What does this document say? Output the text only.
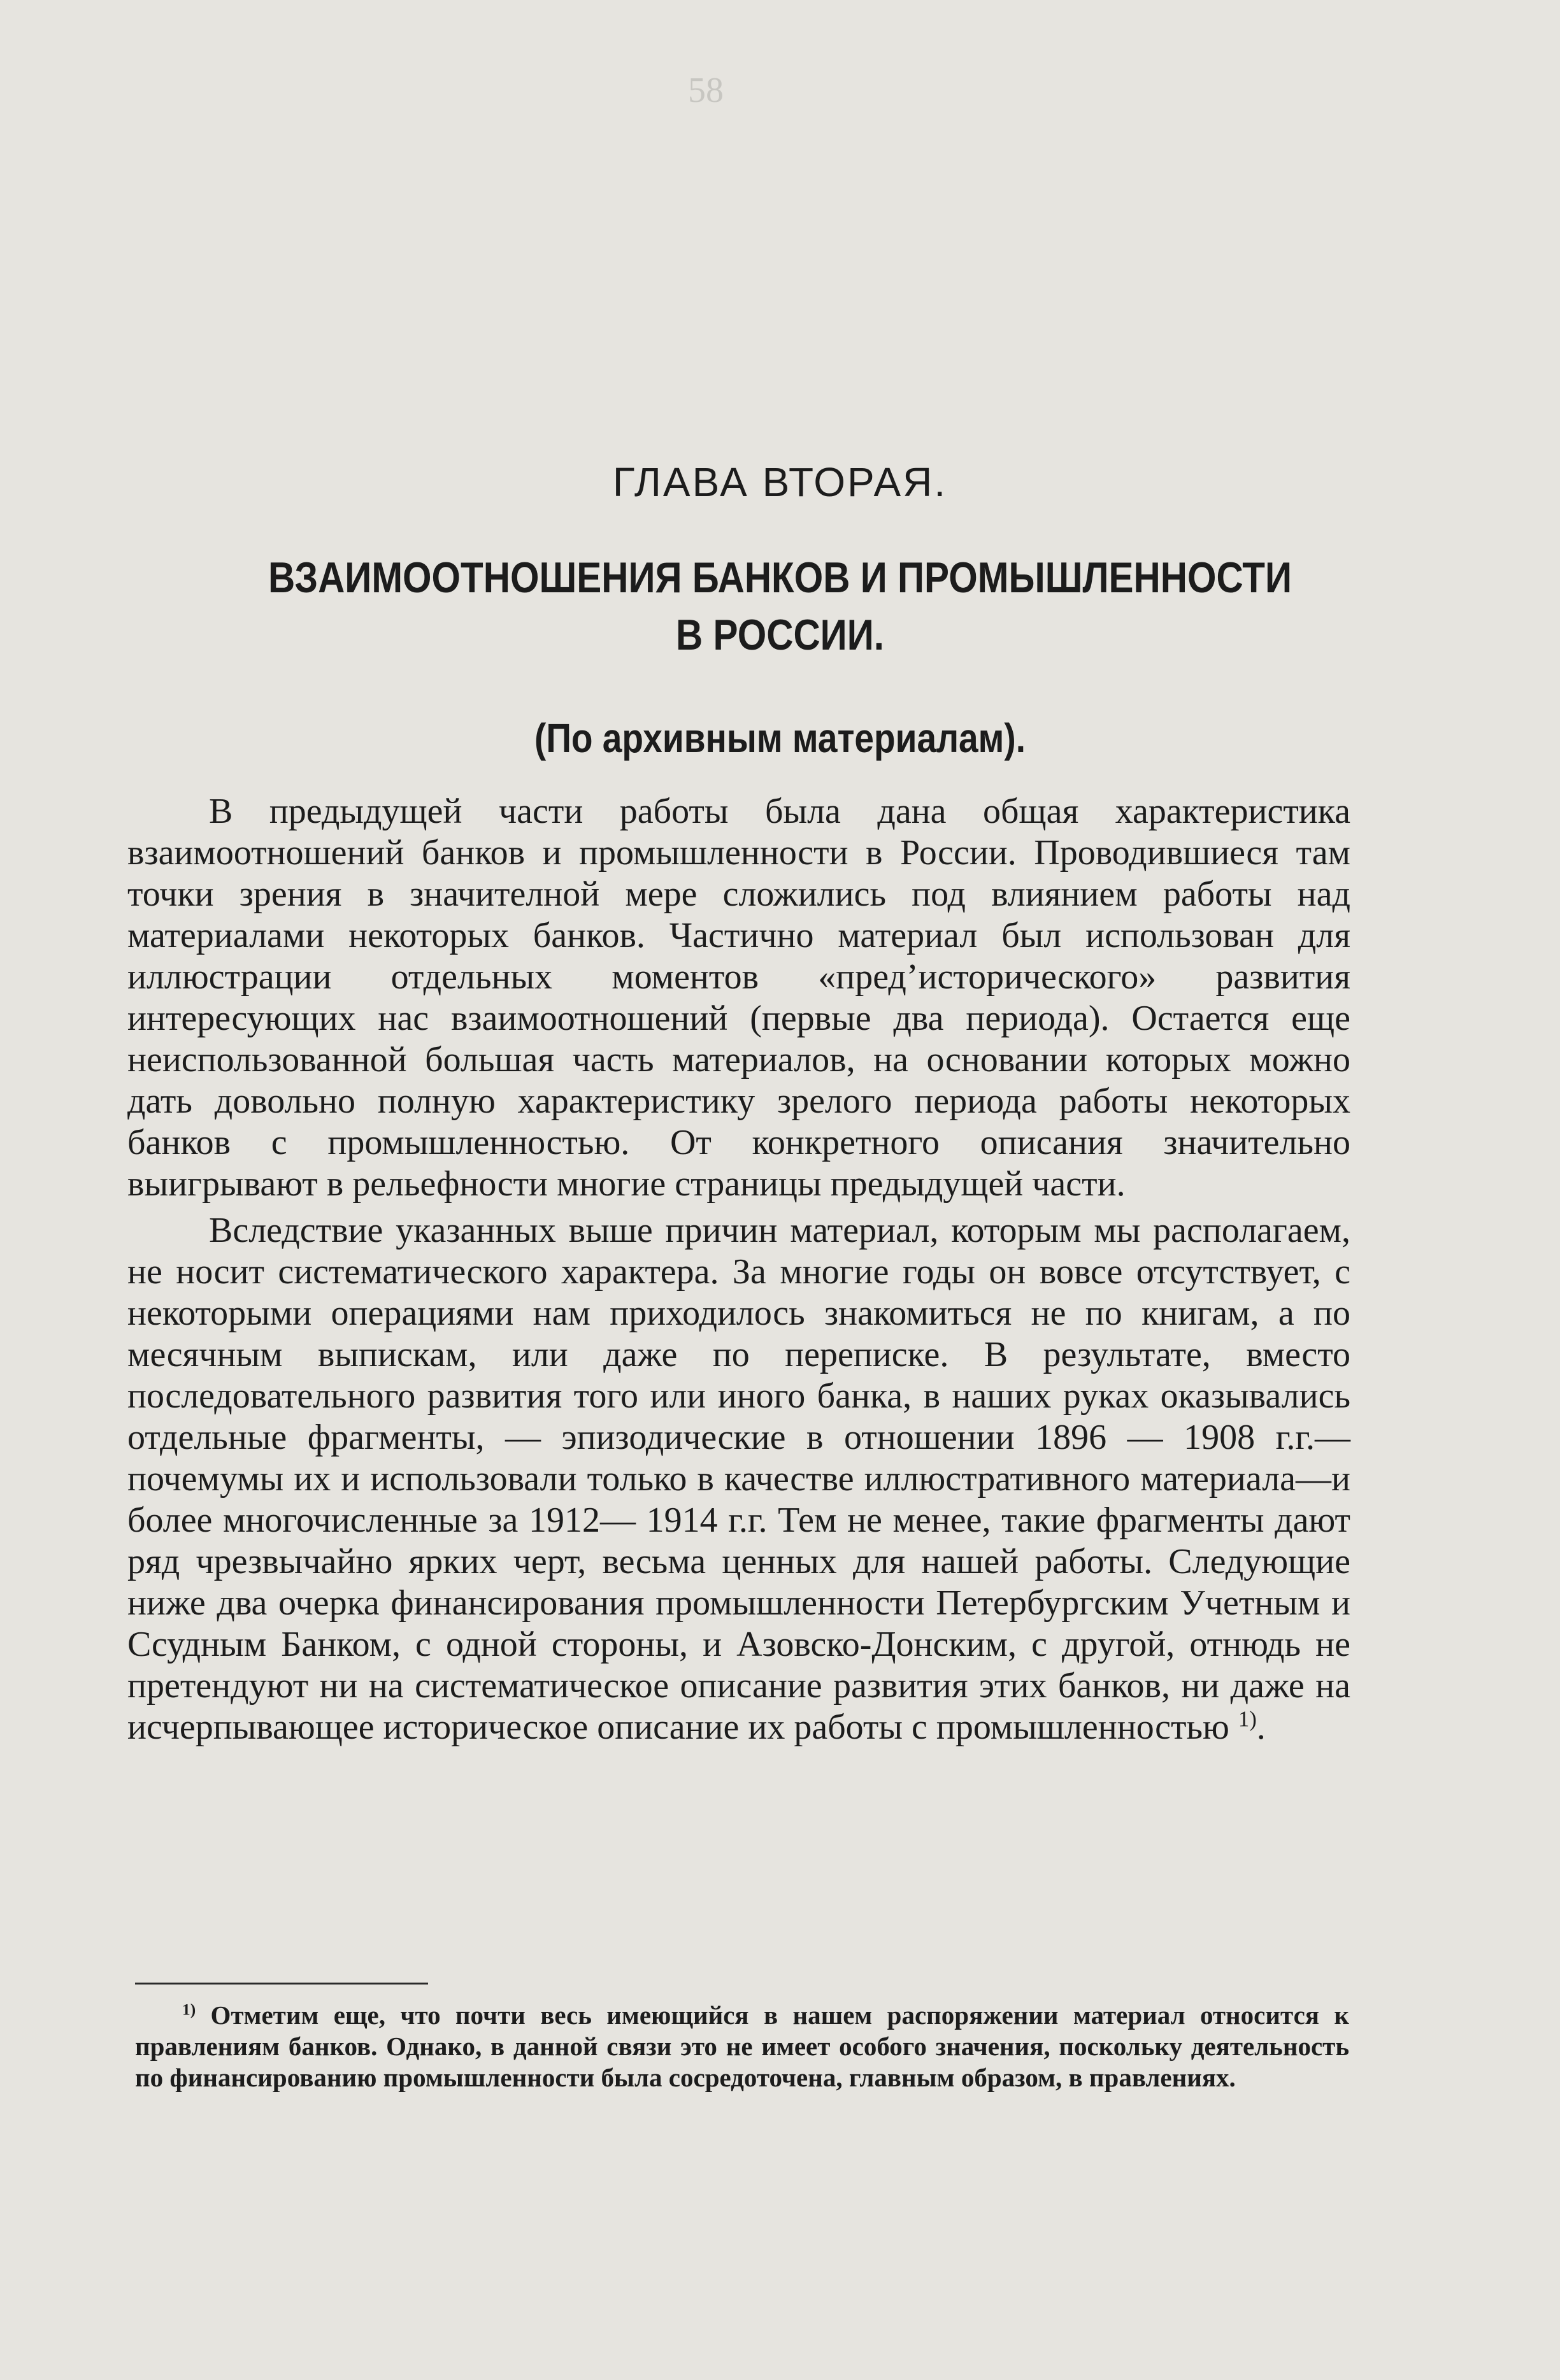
58
ГЛАВА ВТОРАЯ.
ВЗАИМООТНОШЕНИЯ БАНКОВ И ПРОМЫШЛЕННОСТИ
В РОССИИ.
(По архивным материалам).

В предыдущей части работы была дана общая характеристика взаимоотношений банков и промышленности в России. Проводившиеся там точки зрения в значителной мере сложились под влиянием работы над материалами некоторых банков. Частично материал был использован для иллюстрации отдельных моментов «пред’исторического» развития интересующих нас взаимоотношений (первые два периода). Остается еще неиспользованной большая часть материалов, на основании которых можно дать довольно полную характеристику зрелого периода работы некоторых банков с промышленностью. От конкретного описания значительно выигрывают в рельефности многие страницы предыдущей части.

Вследствие указанных выше причин материал, которым мы располагаем, не носит систематического характера. За многие годы он вовсе отсутствует, с некоторыми операциями нам приходилось знакомиться не по книгам, а по месячным выпискам, или даже по переписке. В результате, вместо последовательного развития того или иного банка, в наших руках оказывались отдельные фрагменты, — эпизодические в отношении 1896 — 1908 г.г.— почемумы их и использовали только в качестве иллюстративного материала—и более многочисленные за 1912— 1914 г.г. Тем не менее, такие фрагменты дают ряд чрезвычайно ярких черт, весьма ценных для нашей работы. Следующие ниже два очерка финансирования промышленности Петербургским Учетным и Ссудным Банком, с одной стороны, и Азовско-Донским, с другой, отнюдь не претендуют ни на систематическое описание развития этих банков, ни даже на исчерпывающее историческое описание их работы с промышленностью $^{1)}$.

$^{1)}$ Отметим еще, что почти весь имеющийся в нашем распоряжении материал относится к правлениям банков. Однако, в данной связи это не имеет особого значения, поскольку деятельность по финансированию промышленности была сосредоточена, главным образом, в правлениях.
